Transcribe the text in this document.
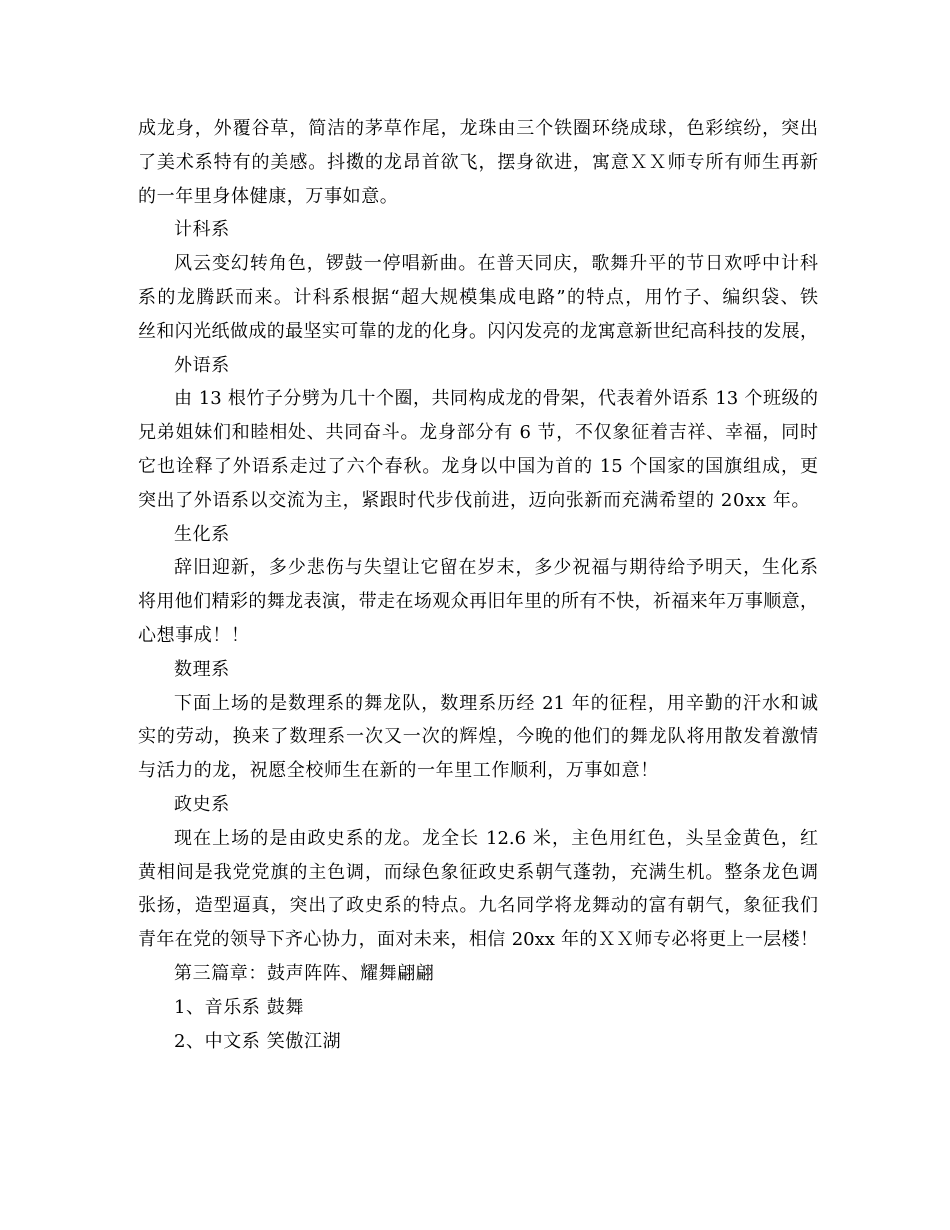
成龙身，外覆谷草，简洁的茅草作尾，龙珠由三个铁圈环绕成球，色彩缤纷，突出
了美术系特有的美感。抖擞的龙昂首欲飞，摆身欲进，寓意ＸＸ师专所有师生再新
的一年里身体健康，万事如意。
计科系
风云变幻转角色，锣鼓一停唱新曲。在普天同庆，歌舞升平的节日欢呼中计科
系的龙腾跃而来。计科系根据“超大规模集成电路”的特点，用竹子、编织袋、铁
丝和闪光纸做成的最坚实可靠的龙的化身。闪闪发亮的龙寓意新世纪高科技的发展，
外语系
由 13 根竹子分劈为几十个圈，共同构成龙的骨架，代表着外语系 13 个班级的
兄弟姐妹们和睦相处、共同奋斗。龙身部分有 6 节，不仅象征着吉祥、幸福，同时
它也诠释了外语系走过了六个春秋。龙身以中国为首的 15 个国家的国旗组成，更
突出了外语系以交流为主，紧跟时代步伐前进，迈向张新而充满希望的 20xx 年。
生化系
辞旧迎新，多少悲伤与失望让它留在岁末，多少祝福与期待给予明天，生化系
将用他们精彩的舞龙表演，带走在场观众再旧年里的所有不快，祈福来年万事顺意，
心想事成！！
数理系
下面上场的是数理系的舞龙队，数理系历经 21 年的征程，用辛勤的汗水和诚
实的劳动，换来了数理系一次又一次的辉煌，今晚的他们的舞龙队将用散发着激情
与活力的龙，祝愿全校师生在新的一年里工作顺利，万事如意！
政史系
现在上场的是由政史系的龙。龙全长 12.6 米，主色用红色，头呈金黄色，红
黄相间是我党党旗的主色调，而绿色象征政史系朝气蓬勃，充满生机。整条龙色调
张扬，造型逼真，突出了政史系的特点。九名同学将龙舞动的富有朝气，象征我们
青年在党的领导下齐心协力，面对未来，相信 20xx 年的ＸＸ师专必将更上一层楼！
第三篇章：鼓声阵阵、耀舞翩翩
1、音乐系 鼓舞
2、中文系 笑傲江湖
